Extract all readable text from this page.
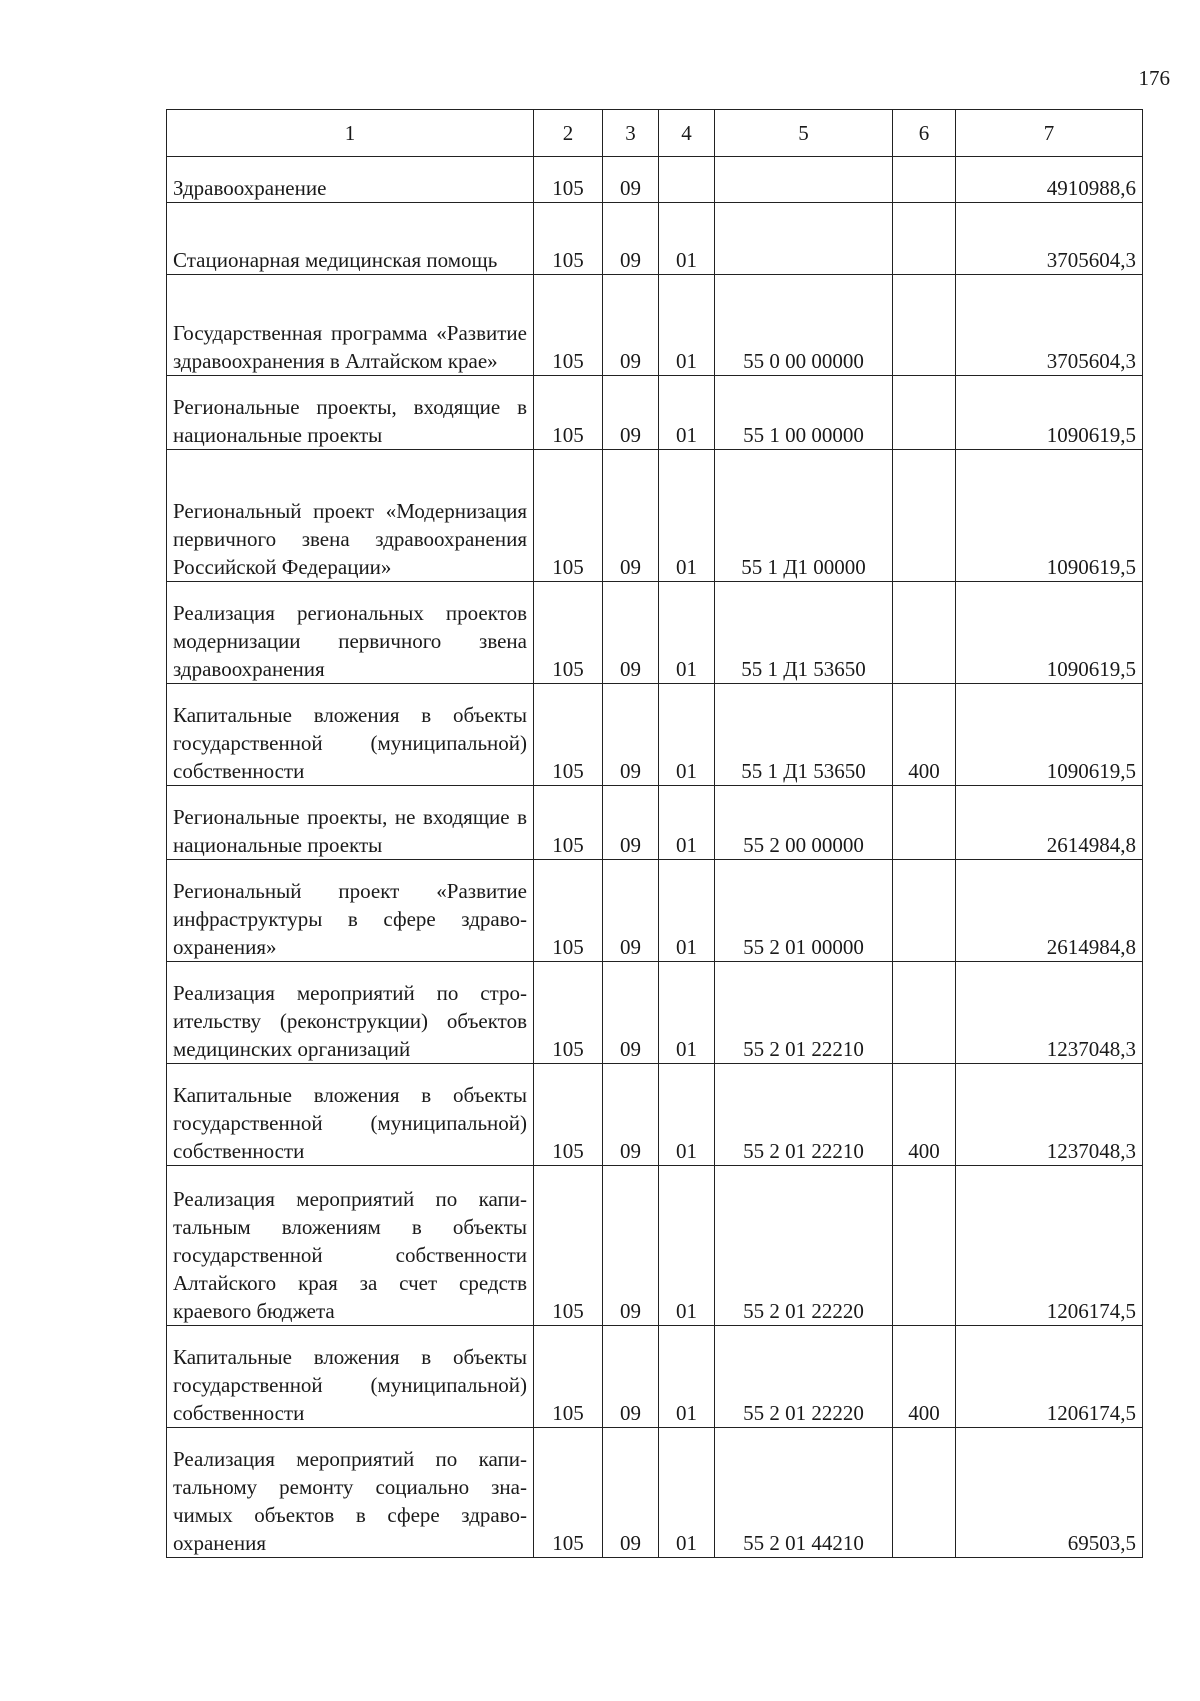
176
1	2	3	4	5	6	7
Здравоохранение	105	09				4910988,6
Стационарная медицинская помощь	105	09	01			3705604,3
Государственная программа «Развитие здравоохранения в Алтайском крае»	105	09	01	55 0 00 00000		3705604,3
Региональные проекты, входящие в национальные проекты	105	09	01	55 1 00 00000		1090619,5
Региональный проект «Модернизация первичного звена здравоохранения Российской Федерации»	105	09	01	55 1 Д1 00000		1090619,5
Реализация региональных проектов модернизации первичного звена здравоохранения	105	09	01	55 1 Д1 53650		1090619,5
Капитальные вложения в объекты государственной (муниципальной) собственности	105	09	01	55 1 Д1 53650	400	1090619,5
Региональные проекты, не входящие в национальные проекты	105	09	01	55 2 00 00000		2614984,8
Региональный проект «Развитие инфраструктуры в сфере здравоохранения»	105	09	01	55 2 01 00000		2614984,8
Реализация мероприятий по строительству (реконструкции) объектов медицинских организаций	105	09	01	55 2 01 22210		1237048,3
Капитальные вложения в объекты государственной (муниципальной) собственности	105	09	01	55 2 01 22210	400	1237048,3
Реализация мероприятий по капитальным вложениям в объекты государственной собственности Алтайского края за счет средств краевого бюджета	105	09	01	55 2 01 22220		1206174,5
Капитальные вложения в объекты государственной (муниципальной) собственности	105	09	01	55 2 01 22220	400	1206174,5
Реализация мероприятий по капитальному ремонту социально значимых объектов в сфере здравоохранения	105	09	01	55 2 01 44210		69503,5
